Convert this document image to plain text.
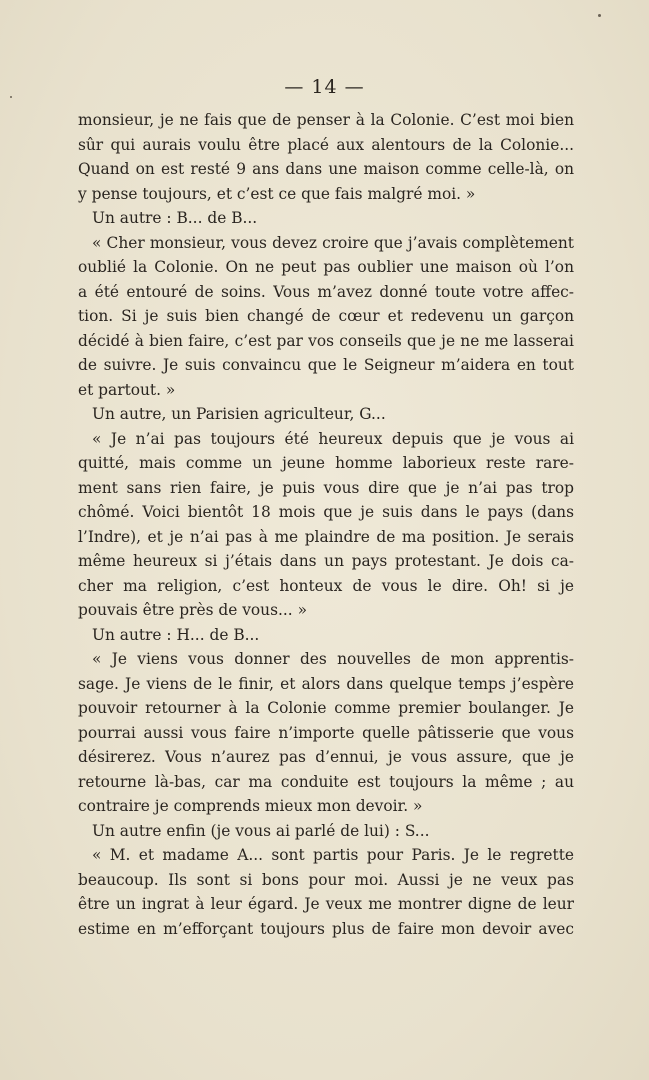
— 14 —
monsieur, je ne fais que de penser à la Colonie. C’est moi bien
sûr qui aurais voulu être placé aux alentours de la Colonie...
Quand on est resté 9 ans dans une maison comme celle-là, on
y pense toujours, et c’est ce que fais malgré moi. »
Un autre : B... de B...
« Cher monsieur, vous devez croire que j’avais complètement
oublié la Colonie. On ne peut pas oublier une maison où l’on
a été entouré de soins. Vous m’avez donné toute votre affec-
tion. Si je suis bien changé de cœur et redevenu un garçon
décidé à bien faire, c’est par vos conseils que je ne me lasserai
de suivre. Je suis convaincu que le Seigneur m’aidera en tout
et partout. »
Un autre, un Parisien agriculteur, G...
« Je n’ai pas toujours été heureux depuis que je vous ai
quitté, mais comme un jeune homme laborieux reste rare-
ment sans rien faire, je puis vous dire que je n’ai pas trop
chômé. Voici bientôt 18 mois que je suis dans le pays (dans
l’Indre), et je n’ai pas à me plaindre de ma position. Je serais
même heureux si j’étais dans un pays protestant. Je dois ca-
cher ma religion, c’est honteux de vous le dire. Oh! si je
pouvais être près de vous... »
Un autre : H... de B...
« Je viens vous donner des nouvelles de mon apprentis-
sage. Je viens de le finir, et alors dans quelque temps j’espère
pouvoir retourner à la Colonie comme premier boulanger. Je
pourrai aussi vous faire n’importe quelle pâtisserie que vous
désirerez. Vous n’aurez pas d’ennui, je vous assure, que je
retourne là-bas, car ma conduite est toujours la même ; au
contraire je comprends mieux mon devoir. »
Un autre enfin (je vous ai parlé de lui) : S...
« M. et madame A... sont partis pour Paris. Je le regrette
beaucoup. Ils sont si bons pour moi. Aussi je ne veux pas
être un ingrat à leur égard. Je veux me montrer digne de leur
estime en m’efforçant toujours plus de faire mon devoir avec
